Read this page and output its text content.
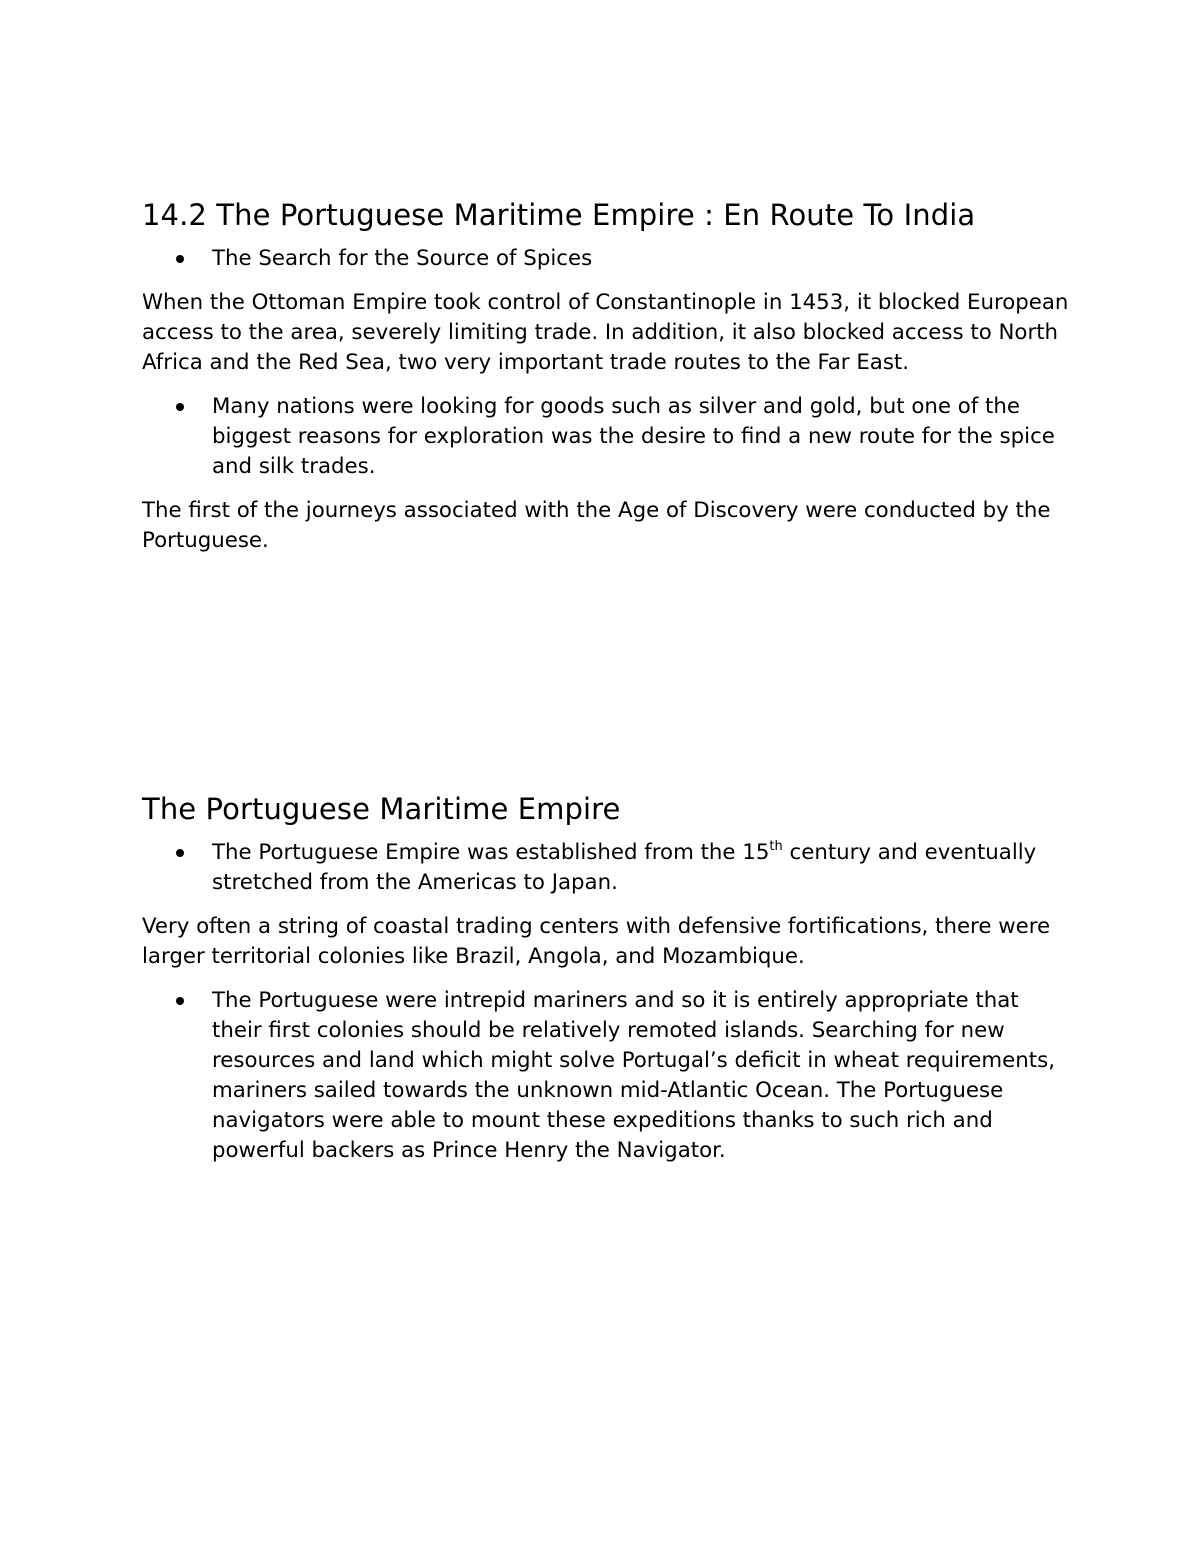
14.2 The Portuguese Maritime Empire : En Route To India
The Search for the Source of Spices

When the Ottoman Empire took control of Constantinople in 1453, it blocked European access to the area, severely limiting trade. In addition, it also blocked access to North Africa and the Red Sea, two very important trade routes to the Far East.

Many nations were looking for goods such as silver and gold, but one of the biggest reasons for exploration was the desire to find a new route for the spice and silk trades.

The first of the journeys associated with the Age of Discovery were conducted by the Portuguese.

The Portuguese Maritime Empire
The Portuguese Empire was established from the 15th century and eventually stretched from the Americas to Japan.

Very often a string of coastal trading centers with defensive fortifications, there were larger territorial colonies like Brazil, Angola, and Mozambique.

The Portuguese were intrepid mariners and so it is entirely appropriate that their first colonies should be relatively remoted islands. Searching for new resources and land which might solve Portugal’s deficit in wheat requirements, mariners sailed towards the unknown mid-Atlantic Ocean. The Portuguese navigators were able to mount these expeditions thanks to such rich and powerful backers as Prince Henry the Navigator.
